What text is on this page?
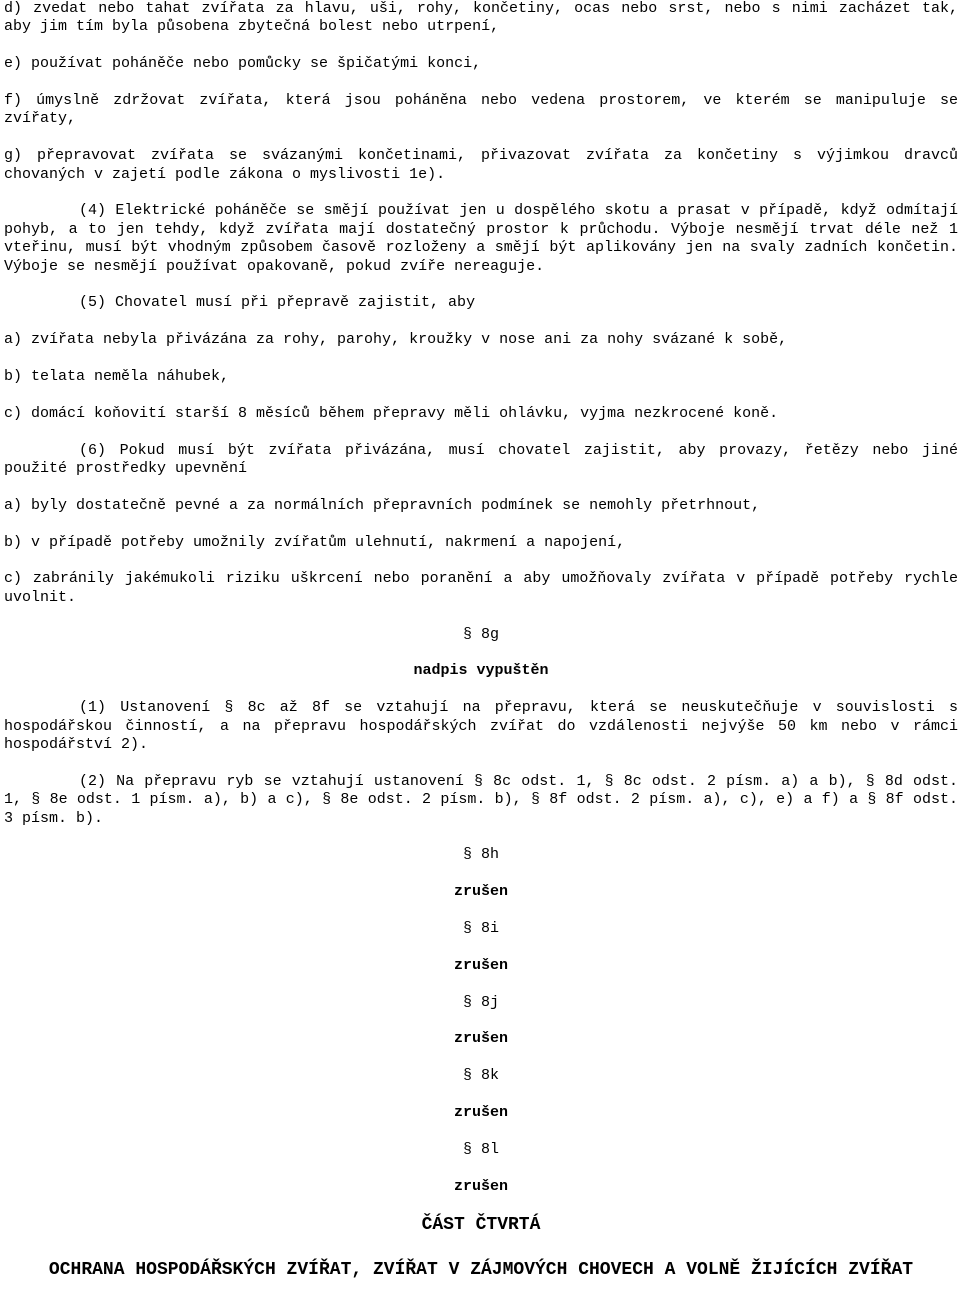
d) zvedat nebo tahat zvířata za hlavu, uši, rohy, končetiny, ocas nebo srst, nebo s nimi zacházet tak, aby jim tím byla působena zbytečná bolest nebo utrpení,

e) používat poháněče nebo pomůcky se špičatými konci,

f) úmyslně zdržovat zvířata, která jsou poháněna nebo vedena prostorem, ve kterém se manipuluje se zvířaty,

g) přepravovat zvířata se svázanými končetinami, přivazovat zvířata za končetiny s výjimkou dravců chovaných v zajetí podle zákona o myslivosti 1e).

(4) Elektrické poháněče se smějí používat jen u dospělého skotu a prasat v případě, když odmítají pohyb, a to jen tehdy, když zvířata mají dostatečný prostor k průchodu. Výboje nesmějí trvat déle než 1 vteřinu, musí být vhodným způsobem časově rozloženy a smějí být aplikovány jen na svaly zadních končetin. Výboje se nesmějí používat opakovaně, pokud zvíře nereaguje.

(5) Chovatel musí při přepravě zajistit, aby

a) zvířata nebyla přivázána za rohy, parohy, kroužky v nose ani za nohy svázané k sobě,

b) telata neměla náhubek,

c) domácí koňovití starší 8 měsíců během přepravy měli ohlávku, vyjma nezkrocené koně.

(6) Pokud musí být zvířata přivázána, musí chovatel zajistit, aby provazy, řetězy nebo jiné použité prostředky upevnění

a) byly dostatečně pevné a za normálních přepravních podmínek se nemohly přetrhnout,

b) v případě potřeby umožnily zvířatům ulehnutí, nakrmení a napojení,

c) zabránily jakémukoli riziku uškrcení nebo poranění a aby umožňovaly zvířata v případě potřeby rychle uvolnit.

§ 8g

nadpis vypuštěn

(1) Ustanovení § 8c až 8f se vztahují na přepravu, která se neuskutečňuje v souvislosti s hospodářskou činností, a na přepravu hospodářských zvířat do vzdálenosti nejvýše 50 km nebo v rámci hospodářství 2).

(2) Na přepravu ryb se vztahují ustanovení § 8c odst. 1, § 8c odst. 2 písm. a) a b), § 8d odst. 1, § 8e odst. 1 písm. a), b) a c), § 8e odst. 2 písm. b), § 8f odst. 2 písm. a), c), e) a f) a § 8f odst. 3 písm. b).

§ 8h

zrušen

§ 8i

zrušen

§ 8j

zrušen

§ 8k

zrušen

§ 8l

zrušen

ČÁST ČTVRTÁ
OCHRANA HOSPODÁŘSKÝCH ZVÍŘAT, ZVÍŘAT V ZÁJMOVÝCH CHOVECH A VOLNĚ ŽIJÍCÍCH ZVÍŘAT
